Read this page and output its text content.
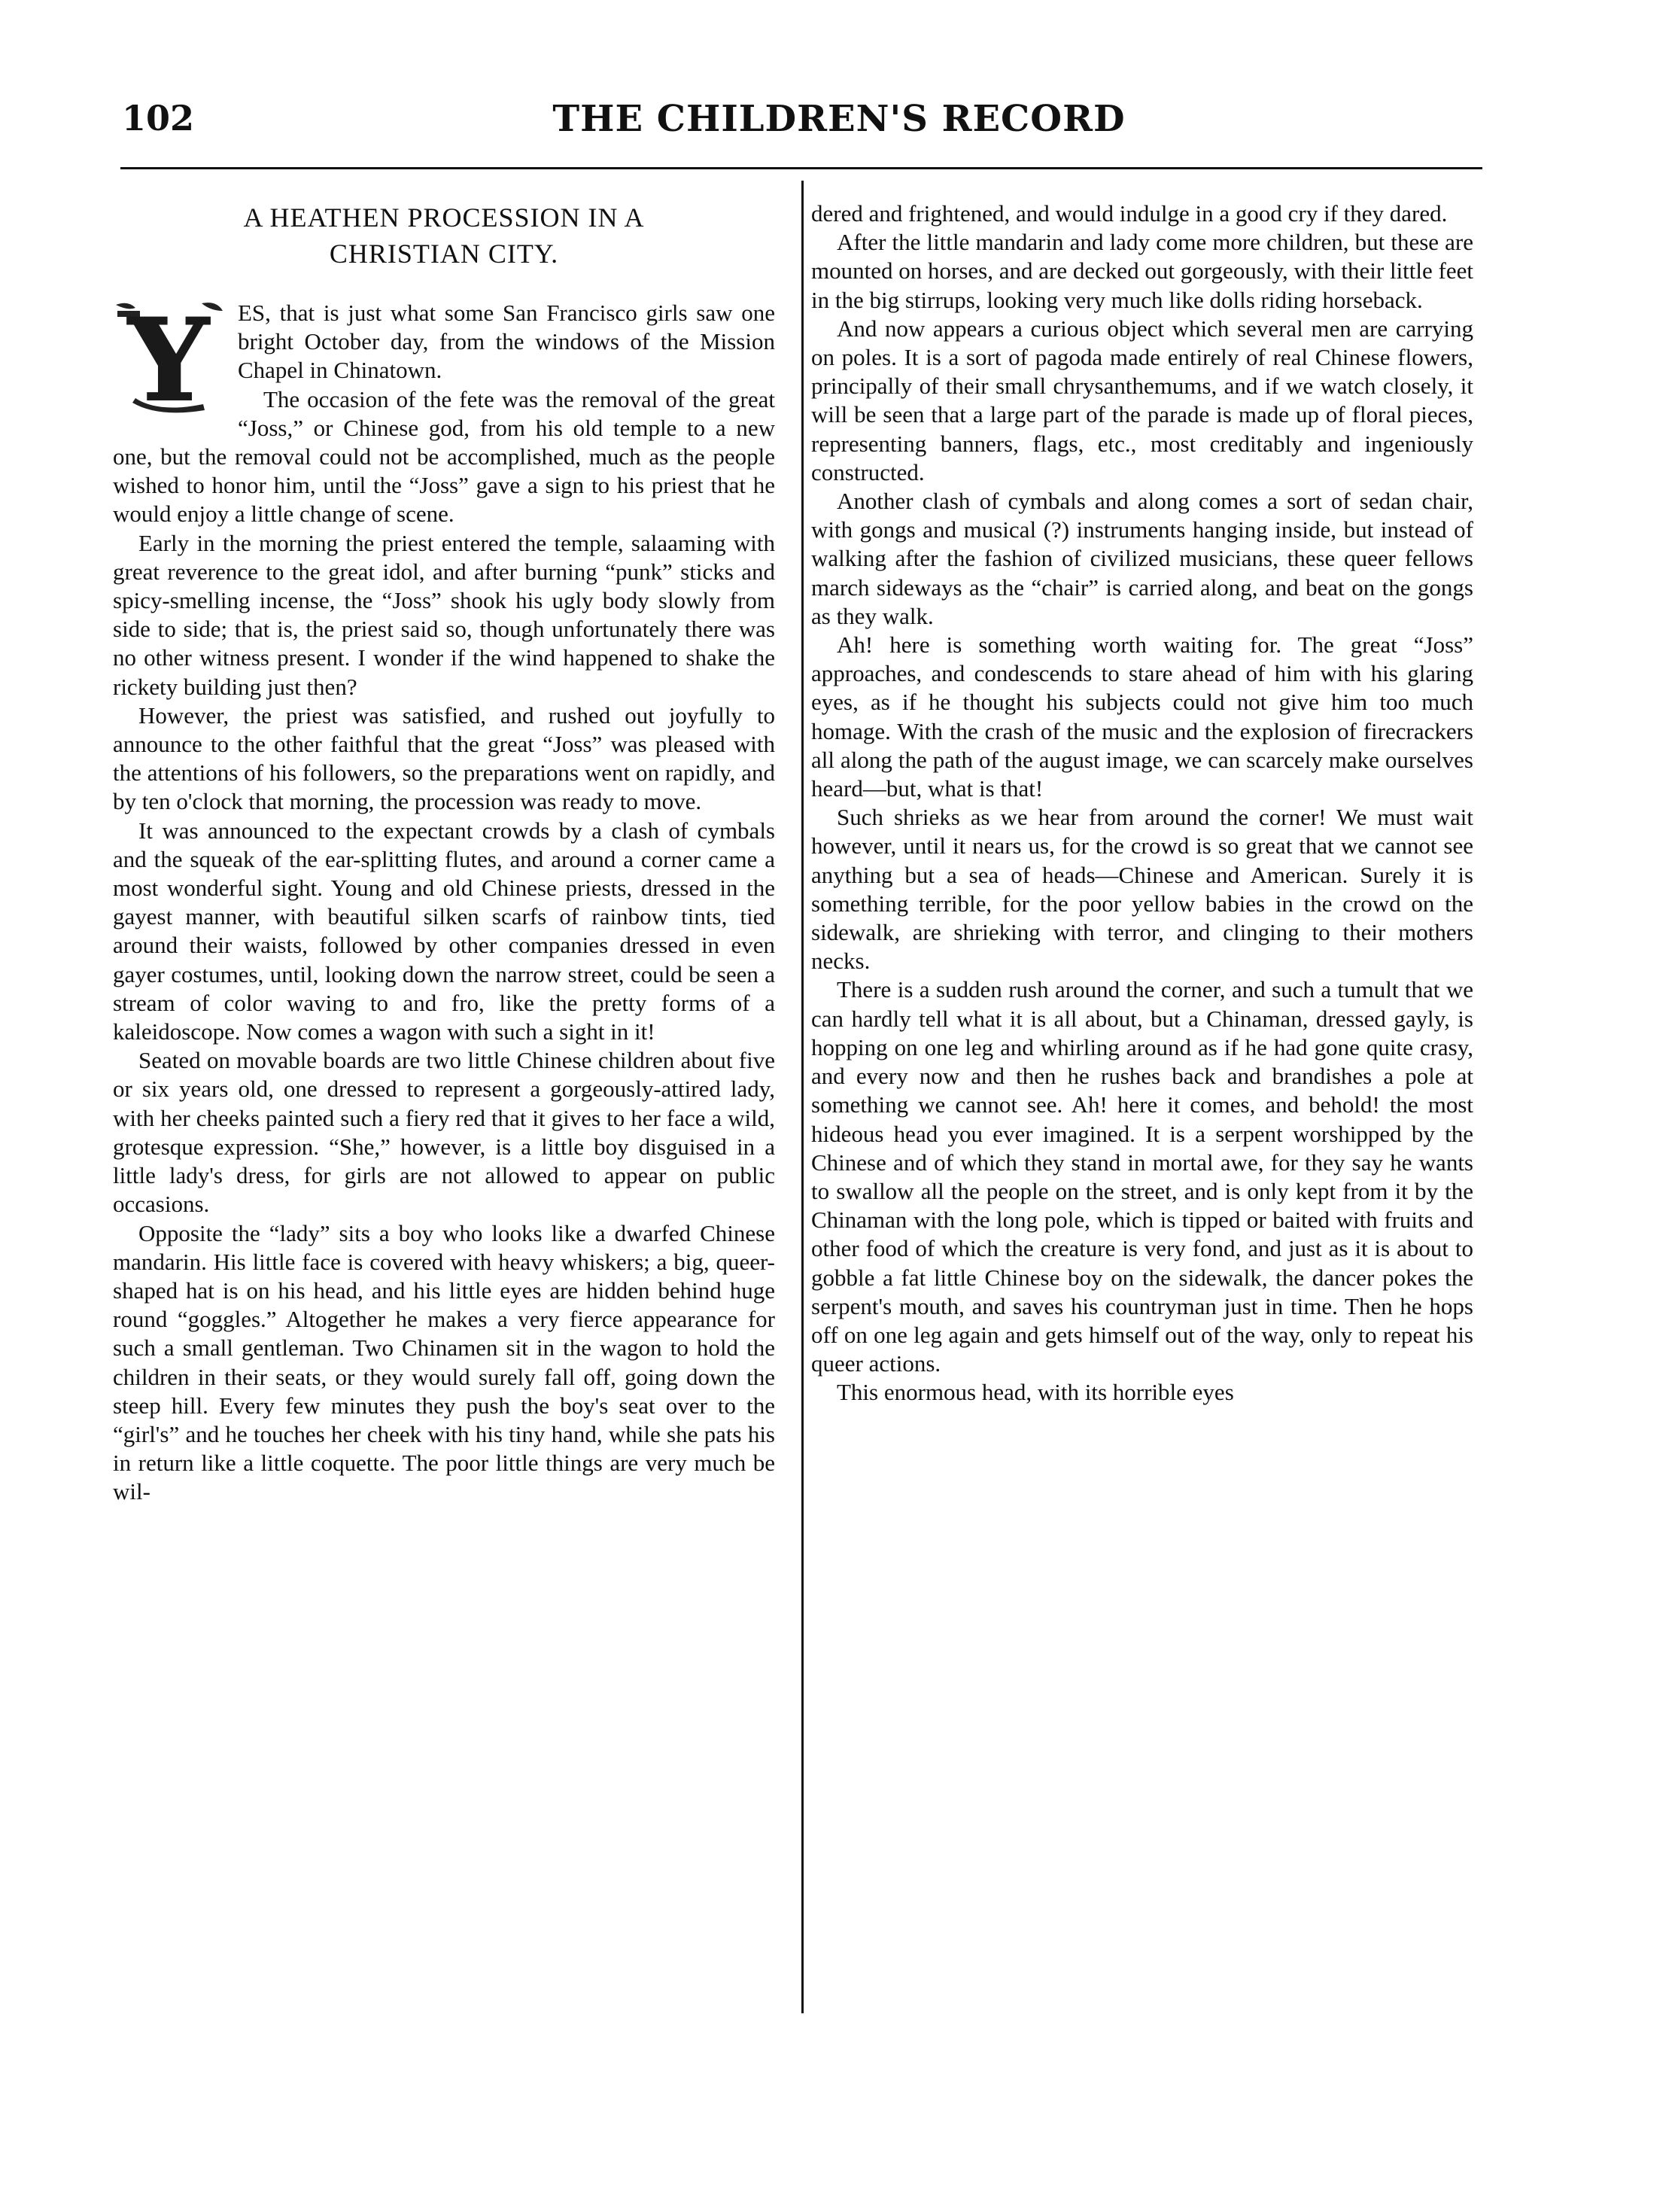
102	THE CHILDREN'S RECORD
A HEATHEN PROCESSION IN A
CHRISTIAN CITY.

Y ES, that is just what some San Francisco girls saw one bright October day, from the windows of the Mission Chapel in Chinatown.

The occasion of the fete was the removal of the great “Joss,” or Chinese god, from his old temple to a new one, but the removal could not be accomplished, much as the people wished to honor him, until the “Joss” gave a sign to his priest that he would enjoy a little change of scene.

Early in the morning the priest entered the temple, salaaming with great reverence to the great idol, and after burning “punk” sticks and spicy-smelling incense, the “Joss” shook his ugly body slowly from side to side; that is, the priest said so, though unfortunately there was no other witness present. I wonder if the wind happened to shake the rickety building just then?

However, the priest was satisfied, and rushed out joyfully to announce to the other faithful that the great “Joss” was pleased with the attentions of his followers, so the preparations went on rapidly, and by ten o'clock that morning, the procession was ready to move.

It was announced to the expectant crowds by a clash of cymbals and the squeak of the ear-splitting flutes, and around a corner came a most wonderful sight. Young and old Chinese priests, dressed in the gayest manner, with beautiful silken scarfs of rainbow tints, tied around their waists, followed by other companies dressed in even gayer costumes, until, looking down the narrow street, could be seen a stream of color waving to and fro, like the pretty forms of a kaleidoscope. Now comes a wagon with such a sight in it!

Seated on movable boards are two little Chinese children about five or six years old, one dressed to represent a gorgeously-attired lady, with her cheeks painted such a fiery red that it gives to her face a wild, grotesque expression. “She,” however, is a little boy disguised in a little lady's dress, for girls are not allowed to appear on public occasions.

Opposite the “lady” sits a boy who looks like a dwarfed Chinese mandarin. His little face is covered with heavy whiskers; a big, queer-shaped hat is on his head, and his little eyes are hidden behind huge round “goggles.” Altogether he makes a very fierce appearance for such a small gentleman. Two Chinamen sit in the wagon to hold the children in their seats, or they would surely fall off, going down the steep hill. Every few minutes they push the boy's seat over to the “girl's” and he touches her cheek with his tiny hand, while she pats his in return like a little coquette. The poor little things are very much be wil-

dered and frightened, and would indulge in a good cry if they dared.

After the little mandarin and lady come more children, but these are mounted on horses, and are decked out gorgeously, with their little feet in the big stirrups, looking very much like dolls riding horseback.

And now appears a curious object which several men are carrying on poles. It is a sort of pagoda made entirely of real Chinese flowers, principally of their small chrysanthemums, and if we watch closely, it will be seen that a large part of the parade is made up of floral pieces, representing banners, flags, etc., most creditably and ingeniously constructed.

Another clash of cymbals and along comes a sort of sedan chair, with gongs and musical (?) instruments hanging inside, but instead of walking after the fashion of civilized musicians, these queer fellows march sideways as the “chair” is carried along, and beat on the gongs as they walk.

Ah! here is something worth waiting for. The great “Joss” approaches, and condescends to stare ahead of him with his glaring eyes, as if he thought his subjects could not give him too much homage. With the crash of the music and the explosion of firecrackers all along the path of the august image, we can scarcely make ourselves heard—but, what is that!

Such shrieks as we hear from around the corner! We must wait however, until it nears us, for the crowd is so great that we cannot see anything but a sea of heads—Chinese and American. Surely it is something terrible, for the poor yellow babies in the crowd on the sidewalk, are shrieking with terror, and clinging to their mothers necks.

There is a sudden rush around the corner, and such a tumult that we can hardly tell what it is all about, but a Chinaman, dressed gayly, is hopping on one leg and whirling around as if he had gone quite crasy, and every now and then he rushes back and brandishes a pole at something we cannot see. Ah! here it comes, and behold! the most hideous head you ever imagined. It is a serpent worshipped by the Chinese and of which they stand in mortal awe, for they say he wants to swallow all the people on the street, and is only kept from it by the Chinaman with the long pole, which is tipped or baited with fruits and other food of which the creature is very fond, and just as it is about to gobble a fat little Chinese boy on the sidewalk, the dancer pokes the serpent's mouth, and saves his countryman just in time. Then he hops off on one leg again and gets himself out of the way, only to repeat his queer actions.

This enormous head, with its horrible eyes
